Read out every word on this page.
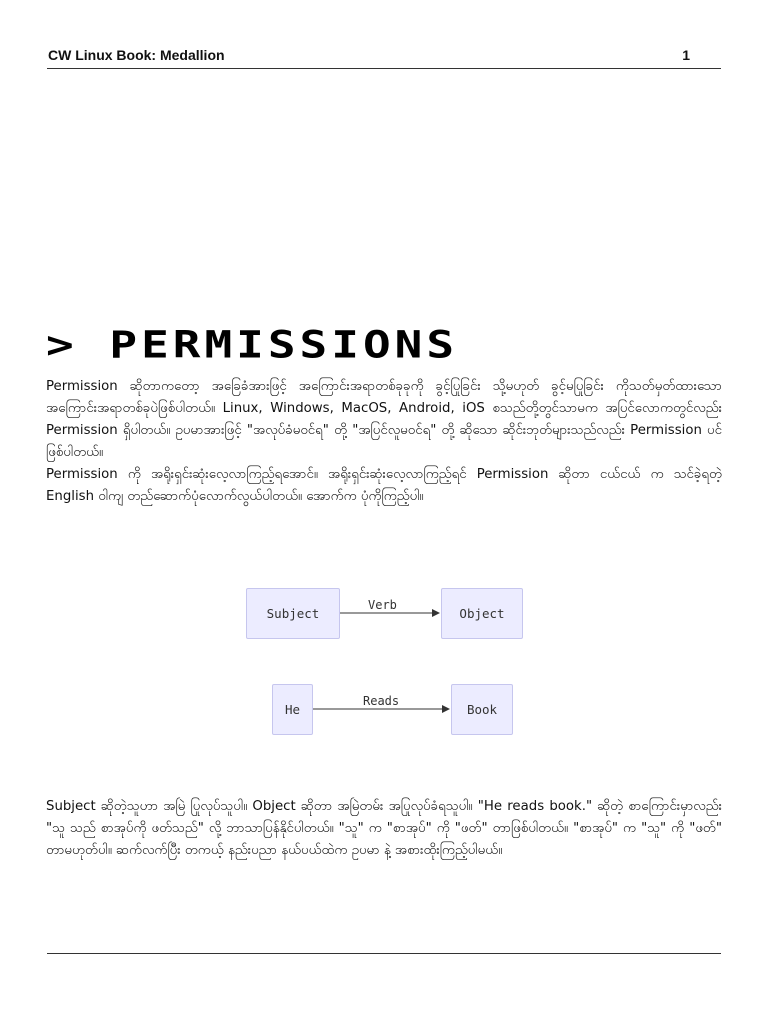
CW Linux Book: Medallion	1
> PERMISSIONS
Permission ဆိုတာကတော့ အခြေခံအားဖြင့် အကြောင်းအရာတစ်ခုခုကို ခွင့်ပြုခြင်း သို့မဟုတ် ခွင့်မပြုခြင်း ကိုသတ်မှတ်ထားသော အကြောင်းအရာတစ်ခုပဲဖြစ်ပါတယ်။ Linux, Windows, MacOS, Android, iOS စသည်တို့တွင်သာမက အပြင်လောကတွင်လည်း Permission ရှိပါတယ်။ ဥပမာအားဖြင့် "အလုပ်ခံမဝင်ရ" တို့ "အပြင်လူမဝင်ရ" တို့ ဆိုသော ဆိုင်းဘုတ်များသည်လည်း Permission ပင်ဖြစ်ပါတယ်။
Permission ကို အရိုးရှင်းဆုံးလေ့လာကြည့်ရအောင်။ အရိုးရှင်းဆုံးလေ့လာကြည့်ရင် Permission ဆိုတာ ငယ်ငယ် က သင်ခဲ့ရတဲ့ English ဝါကျ တည်ဆောက်ပုံလောက်လွယ်ပါတယ်။ အောက်က ပုံကိုကြည့်ပါ။
Subject
Verb
Object
He
Reads
Book
Subject ဆိုတဲ့သူဟာ အမြဲ ပြုလုပ်သူပါ။ Object ဆိုတာ အမြဲတမ်း အပြုလုပ်ခံရသူပါ။ "He reads book." ဆိုတဲ့ စာကြောင်းမှာလည်း "သူ သည် စာအုပ်ကို ဖတ်သည်" လို့ ဘာသာပြန်နိုင်ပါတယ်။ "သူ" က "စာအုပ်" ကို "ဖတ်" တာဖြစ်ပါတယ်။ "စာအုပ်" က "သူ" ကို "ဖတ်" တာမဟုတ်ပါ။ ဆက်လက်ပြီး တကယ့် နည်းပညာ နယ်ပယ်ထဲက ဥပမာ နဲ့ အစားထိုးကြည့်ပါမယ်။
